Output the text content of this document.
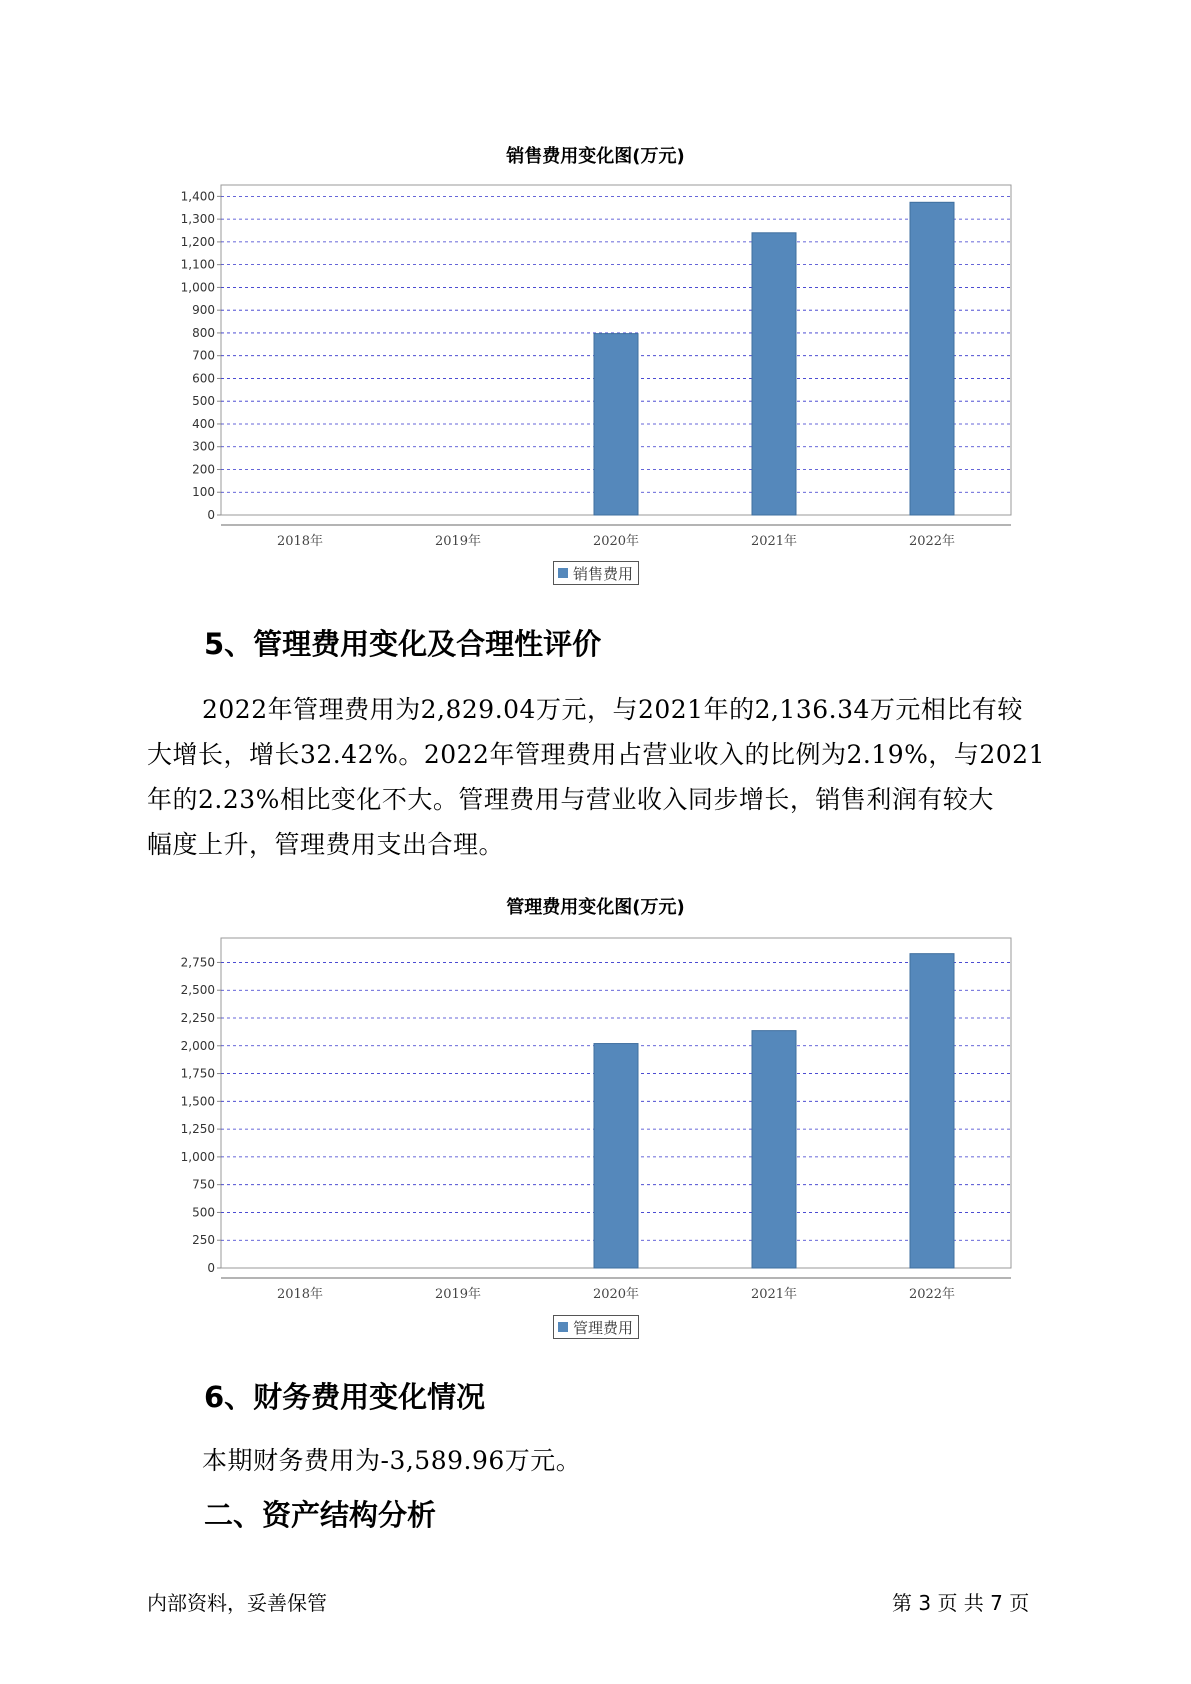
销售费用变化图(万元)
0
100
200
300
400
500
600
700
800
900
1,000
1,100
1,200
1,300
1,400
2018年	2019年	2020年	2021年	2022年
销售费用
5、管理费用变化及合理性评价

2022年管理费用为2,829.04万元，与2021年的2,136.34万元相比有较

大增长，增长32.42%。2022年管理费用占营业收入的比例为2.19%，与2021

年的2.23%相比变化不大。管理费用与营业收入同步增长，销售利润有较大

幅度上升，管理费用支出合理。

管理费用变化图(万元)
0
250
500
750
1,000
1,250
1,500
1,750
2,000
2,250
2,500
2,750
2018年	2019年	2020年	2021年	2022年
管理费用
6、财务费用变化情况

本期财务费用为-3,589.96万元。

二、资产结构分析

内部资料，妥善保管	第 3 页 共 7 页
